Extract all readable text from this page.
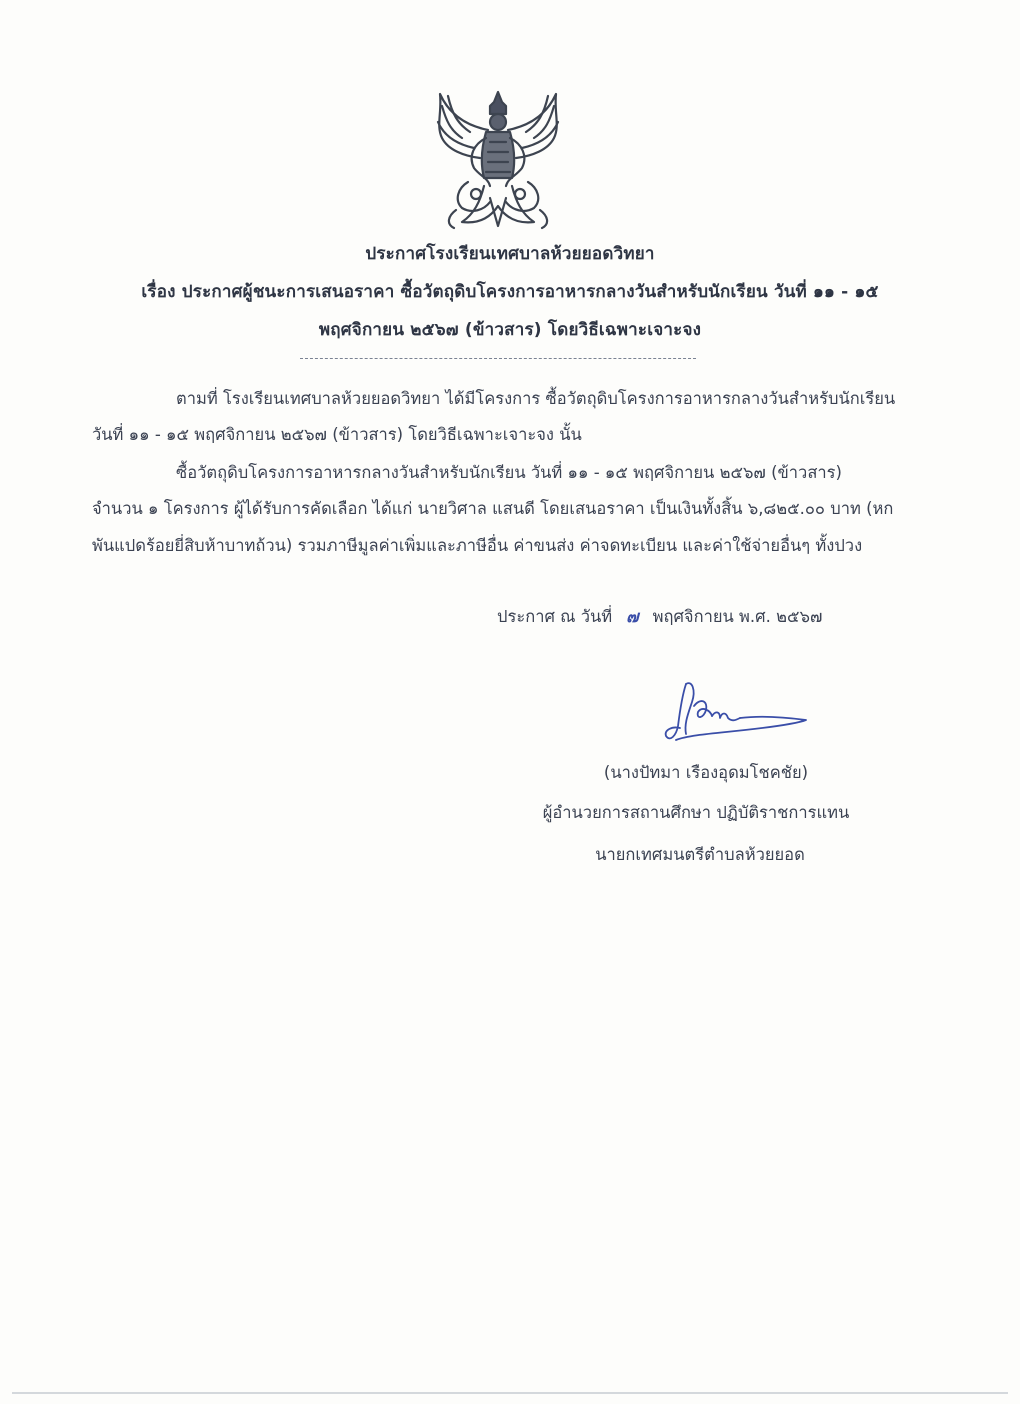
ประกาศโรงเรียนเทศบาลห้วยยอดวิทยา
เรื่อง ประกาศผู้ชนะการเสนอราคา ซื้อวัตถุดิบโครงการอาหารกลางวันสำหรับนักเรียน วันที่ ๑๑ - ๑๕
พฤศจิกายน ๒๕๖๗ (ข้าวสาร) โดยวิธีเฉพาะเจาะจง
ตามที่ โรงเรียนเทศบาลห้วยยอดวิทยา ได้มีโครงการ ซื้อวัตถุดิบโครงการอาหารกลางวันสำหรับนักเรียน
วันที่ ๑๑ - ๑๕ พฤศจิกายน ๒๕๖๗ (ข้าวสาร) โดยวิธีเฉพาะเจาะจง นั้น
ซื้อวัตถุดิบโครงการอาหารกลางวันสำหรับนักเรียน วันที่ ๑๑ - ๑๕ พฤศจิกายน ๒๕๖๗ (ข้าวสาร)
จำนวน ๑ โครงการ ผู้ได้รับการคัดเลือก ได้แก่ นายวิศาล แสนดี โดยเสนอราคา เป็นเงินทั้งสิ้น ๖,๘๒๕.๐๐ บาท (หก
พันแปดร้อยยี่สิบห้าบาทถ้วน) รวมภาษีมูลค่าเพิ่มและภาษีอื่น ค่าขนส่ง ค่าจดทะเบียน และค่าใช้จ่ายอื่นๆ ทั้งปวง
ประกาศ ณ วันที่ ๗ พฤศจิกายน พ.ศ. ๒๕๖๗
(นางปัทมา เรืองอุดมโชคชัย)
ผู้อำนวยการสถานศึกษา ปฏิบัติราชการแทน
นายกเทศมนตรีตำบลห้วยยอด
